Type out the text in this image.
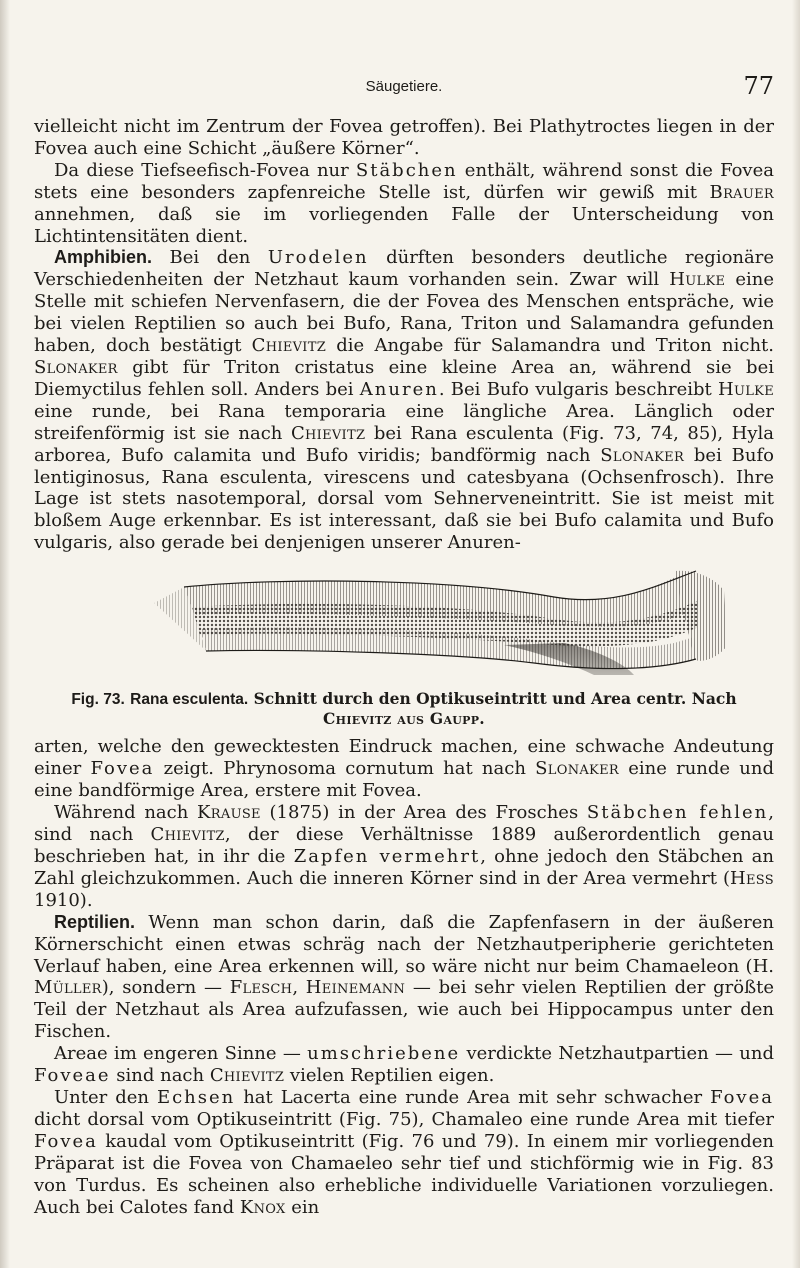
Säugetiere.	77

vielleicht nicht im Zentrum der Fovea getroffen). Bei Plathytroctes liegen in der Fovea auch eine Schicht „äußere Körner“.

Da diese Tiefseefisch-Fovea nur Stäbchen enthält, während sonst die Fovea stets eine besonders zapfenreiche Stelle ist, dürfen wir gewiß mit Brauer annehmen, daß sie im vorliegenden Falle der Unterscheidung von Lichtintensitäten dient.

Amphibien. Bei den Urodelen dürften besonders deutliche regionäre Verschiedenheiten der Netzhaut kaum vorhanden sein. Zwar will Hulke eine Stelle mit schiefen Nervenfasern, die der Fovea des Menschen entspräche, wie bei vielen Reptilien so auch bei Bufo, Rana, Triton und Salamandra gefunden haben, doch bestätigt Chievitz die Angabe für Salamandra und Triton nicht. Slonaker gibt für Triton cristatus eine kleine Area an, während sie bei Diemyctilus fehlen soll. Anders bei Anuren. Bei Bufo vulgaris beschreibt Hulke eine runde, bei Rana temporaria eine längliche Area. Länglich oder streifenförmig ist sie nach Chievitz bei Rana esculenta (Fig. 73, 74, 85), Hyla arborea, Bufo calamita und Bufo viridis; bandförmig nach Slonaker bei Bufo lentiginosus, Rana esculenta, virescens und catesbyana (Ochsenfrosch). Ihre Lage ist stets nasotemporal, dorsal vom Sehnerveneintritt. Sie ist meist mit bloßem Auge erkennbar. Es ist interessant, daß sie bei Bufo calamita und Bufo vulgaris, also gerade bei denjenigen unserer Anuren-

Fig. 73. Rana esculenta. Schnitt durch den Optikuseintritt und Area centr. Nach
Chievitz aus Gaupp.

arten, welche den gewecktesten Eindruck machen, eine schwache Andeutung einer Fovea zeigt. Phrynosoma cornutum hat nach Slonaker eine runde und eine bandförmige Area, erstere mit Fovea.

Während nach Krause (1875) in der Area des Frosches Stäbchen fehlen, sind nach Chievitz, der diese Verhältnisse 1889 außerordentlich genau beschrieben hat, in ihr die Zapfen vermehrt, ohne jedoch den Stäbchen an Zahl gleichzukommen. Auch die inneren Körner sind in der Area vermehrt (Hess 1910).

Reptilien. Wenn man schon darin, daß die Zapfenfasern in der äußeren Körnerschicht einen etwas schräg nach der Netzhautperipherie gerichteten Verlauf haben, eine Area erkennen will, so wäre nicht nur beim Chamaeleon (H. Müller), sondern — Flesch, Heinemann — bei sehr vielen Reptilien der größte Teil der Netzhaut als Area aufzufassen, wie auch bei Hippocampus unter den Fischen.

Areae im engeren Sinne — umschriebene verdickte Netzhautpartien — und Foveae sind nach Chievitz vielen Reptilien eigen.

Unter den Echsen hat Lacerta eine runde Area mit sehr schwacher Fovea dicht dorsal vom Optikuseintritt (Fig. 75), Chamaleo eine runde Area mit tiefer Fovea kaudal vom Optikuseintritt (Fig. 76 und 79). In einem mir vorliegenden Präparat ist die Fovea von Chamaeleo sehr tief und stichförmig wie in Fig. 83 von Turdus. Es scheinen also erhebliche individuelle Variationen vorzuliegen. Auch bei Calotes fand Knox ein
